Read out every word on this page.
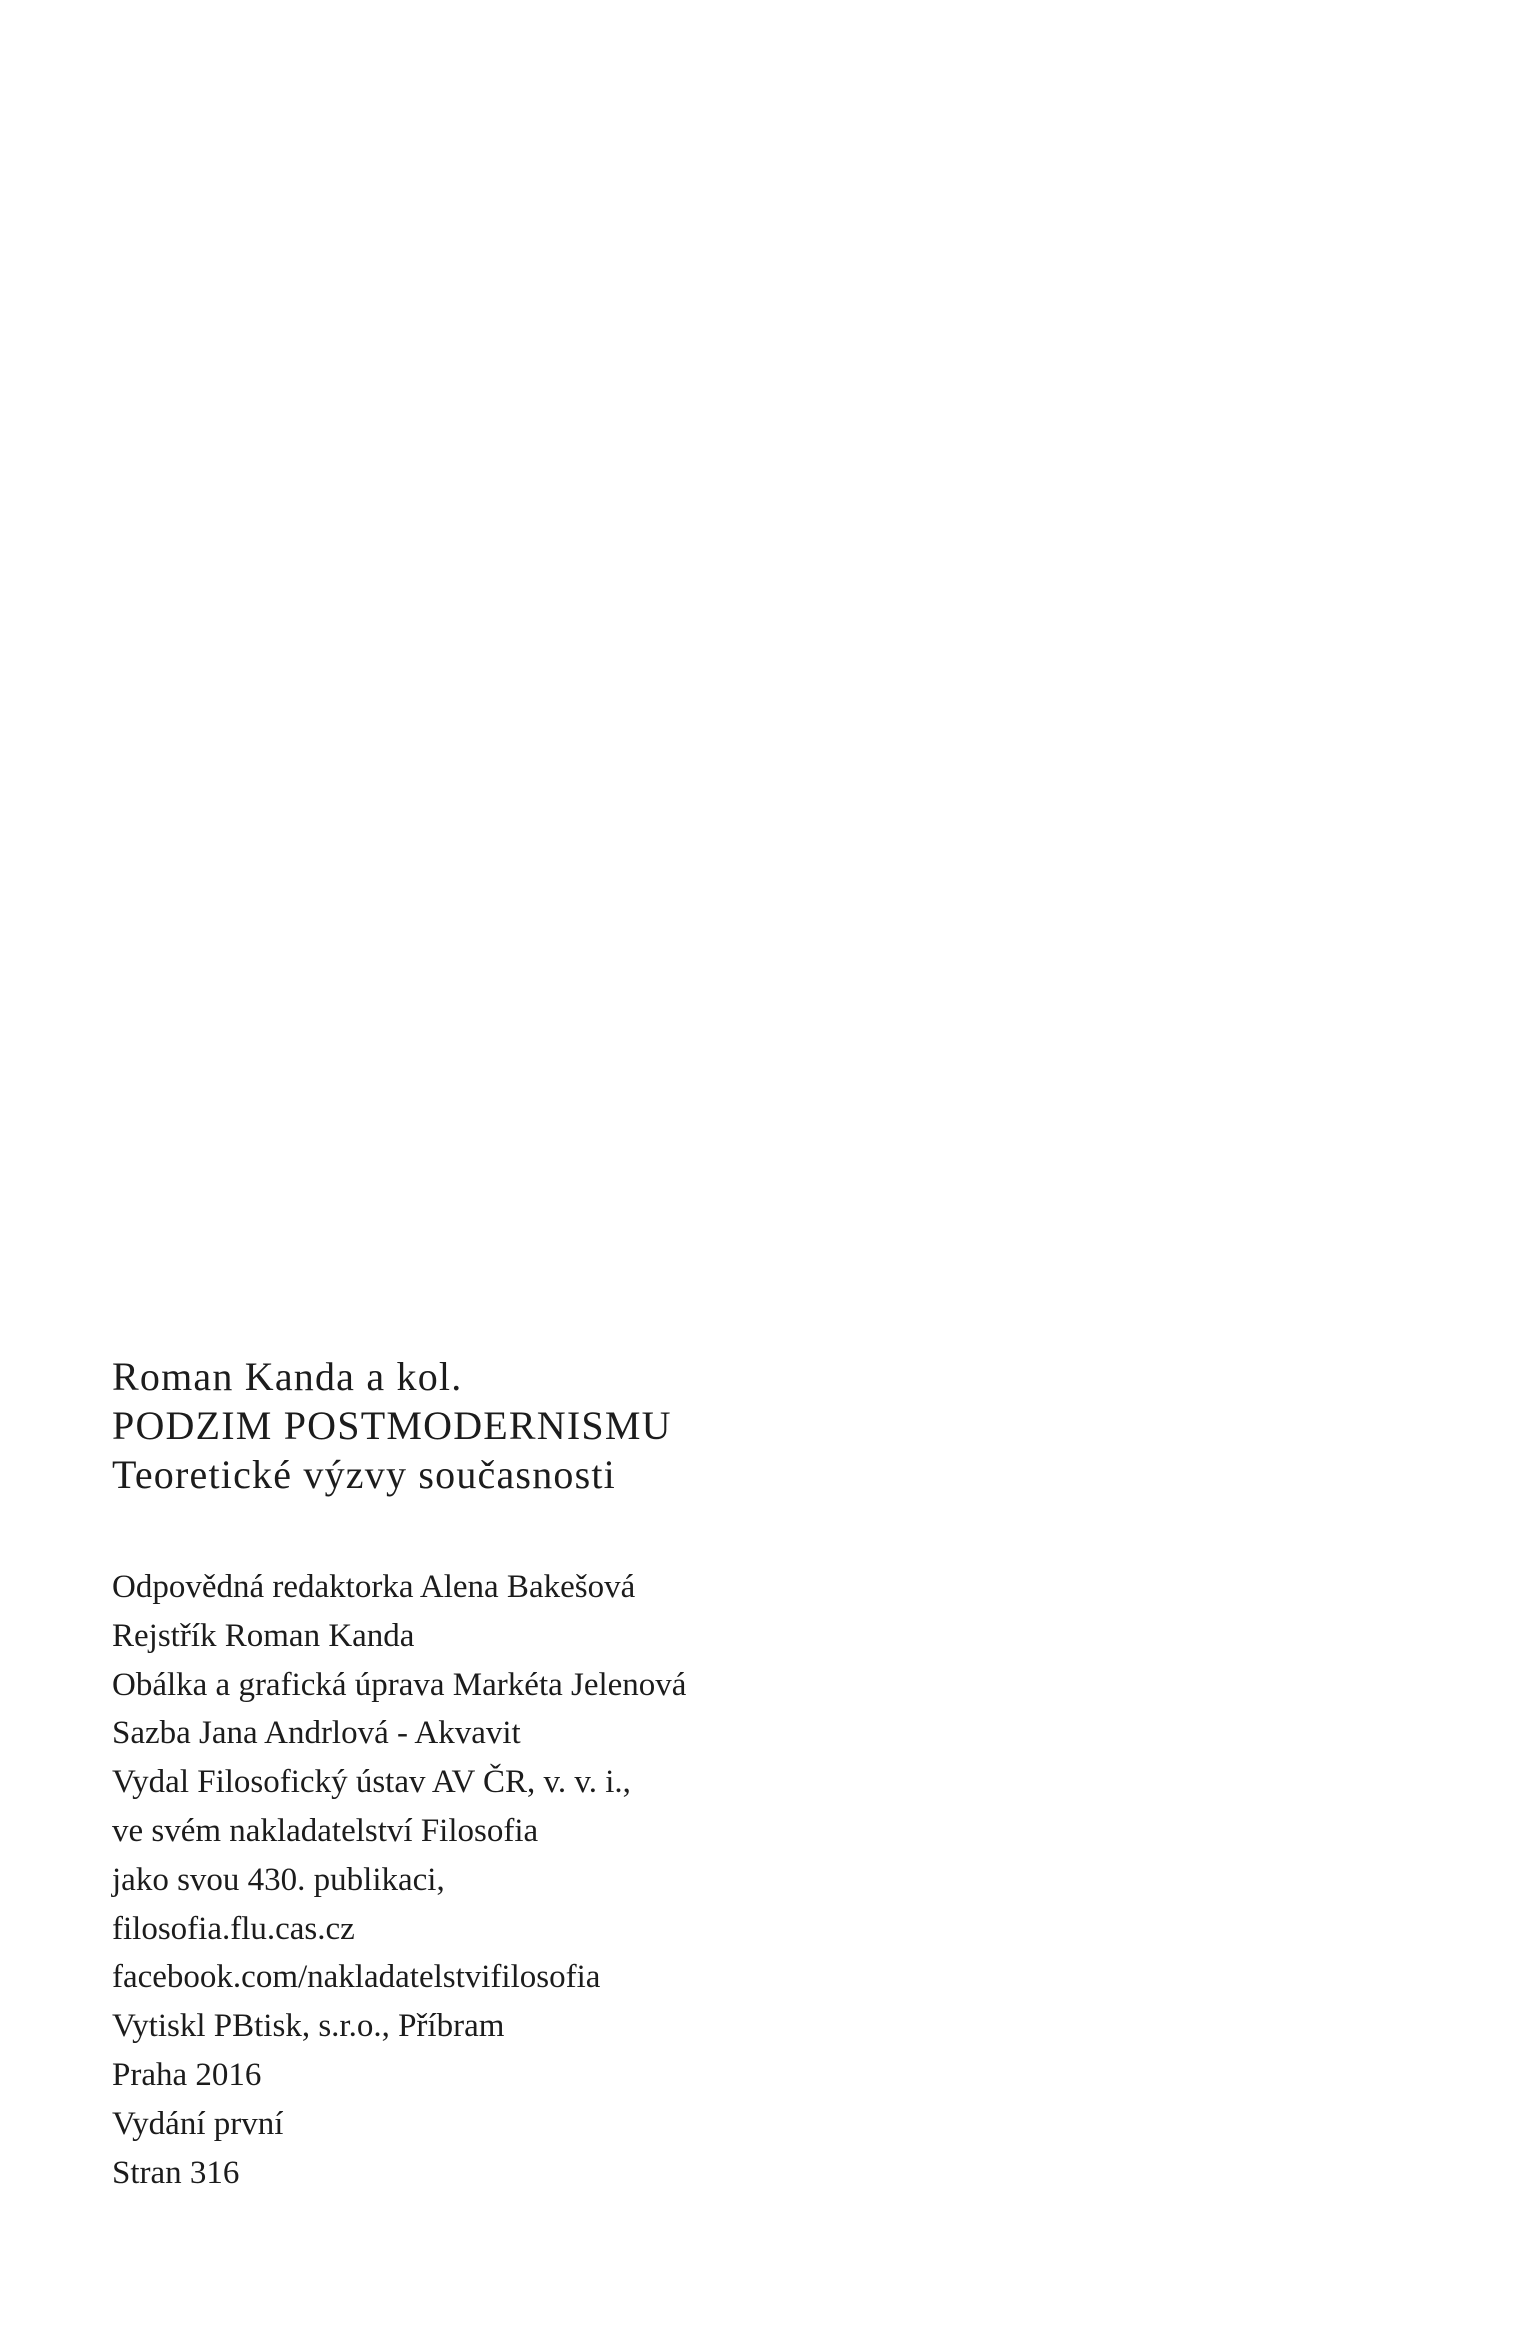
Roman Kanda a kol.
PODZIM POSTMODERNISMU
Teoretické výzvy současnosti
Odpovědná redaktorka Alena Bakešová
Rejstřík Roman Kanda
Obálka a grafická úprava Markéta Jelenová
Sazba Jana Andrlová - Akvavit
Vydal Filosofický ústav AV ČR, v. v. i.,
ve svém nakladatelství Filosofia
jako svou 430. publikaci,
filosofia.flu.cas.cz
facebook.com/nakladatelstvifilosofia
Vytiskl PBtisk, s.r.o., Příbram
Praha 2016
Vydání první
Stran 316
